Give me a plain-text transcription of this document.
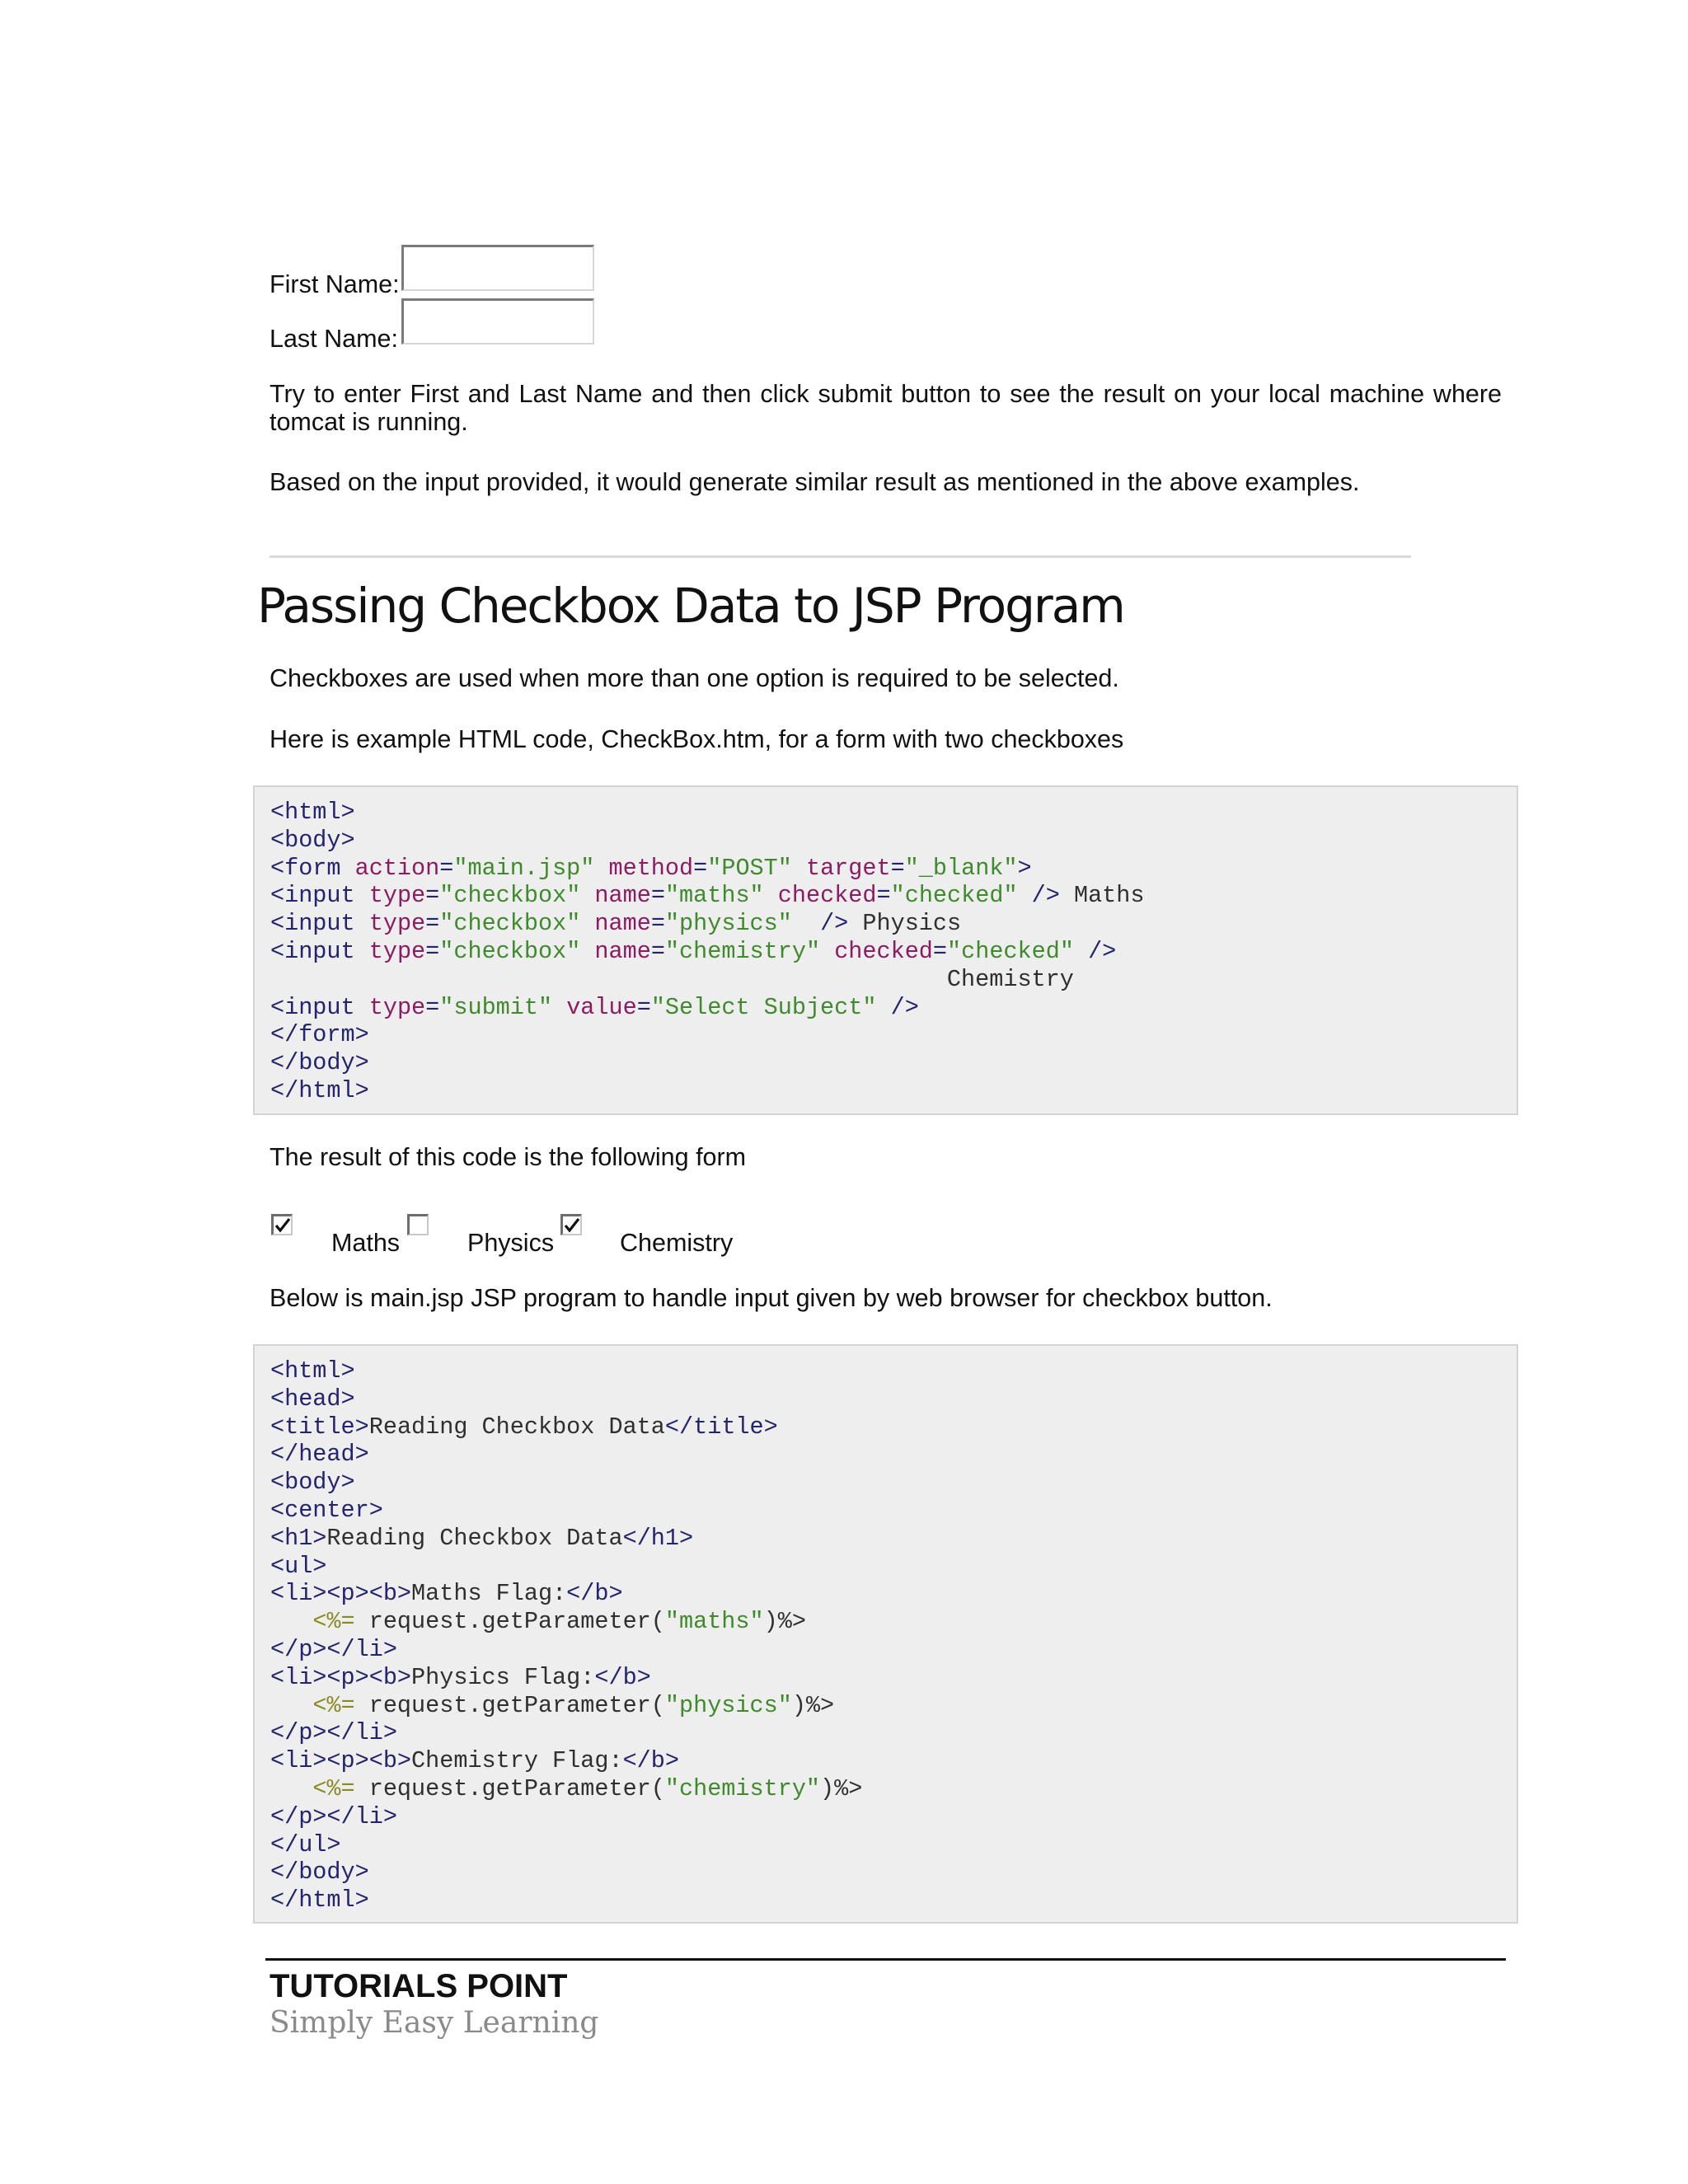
First Name:
Last Name:
Try to enter First and Last Name and then click submit button to see the result on your local machine where tomcat is running.
Based on the input provided, it would generate similar result as mentioned in the above examples.
Passing Checkbox Data to JSP Program
Checkboxes are used when more than one option is required to be selected.
Here is example HTML code, CheckBox.htm, for a form with two checkboxes
<html>
<body>
<form action="main.jsp" method="POST" target="_blank">
<input type="checkbox" name="maths" checked="checked" /> Maths
<input type="checkbox" name="physics"  /> Physics
<input type="checkbox" name="chemistry" checked="checked" />
Chemistry
<input type="submit" value="Select Subject" />
</form>
</body>
</html>
The result of this code is the following form
Maths	Physics	Chemistry
Below is main.jsp JSP program to handle input given by web browser for checkbox button.
<html>
<head>
<title>Reading Checkbox Data</title>
</head>
<body>
<center>
<h1>Reading Checkbox Data</h1>
<ul>
<li><p><b>Maths Flag:</b>
<%= request.getParameter("maths")%>
</p></li>
<li><p><b>Physics Flag:</b>
<%= request.getParameter("physics")%>
</p></li>
<li><p><b>Chemistry Flag:</b>
<%= request.getParameter("chemistry")%>
</p></li>
</ul>
</body>
</html>
TUTORIALS POINT
Simply Easy Learning
